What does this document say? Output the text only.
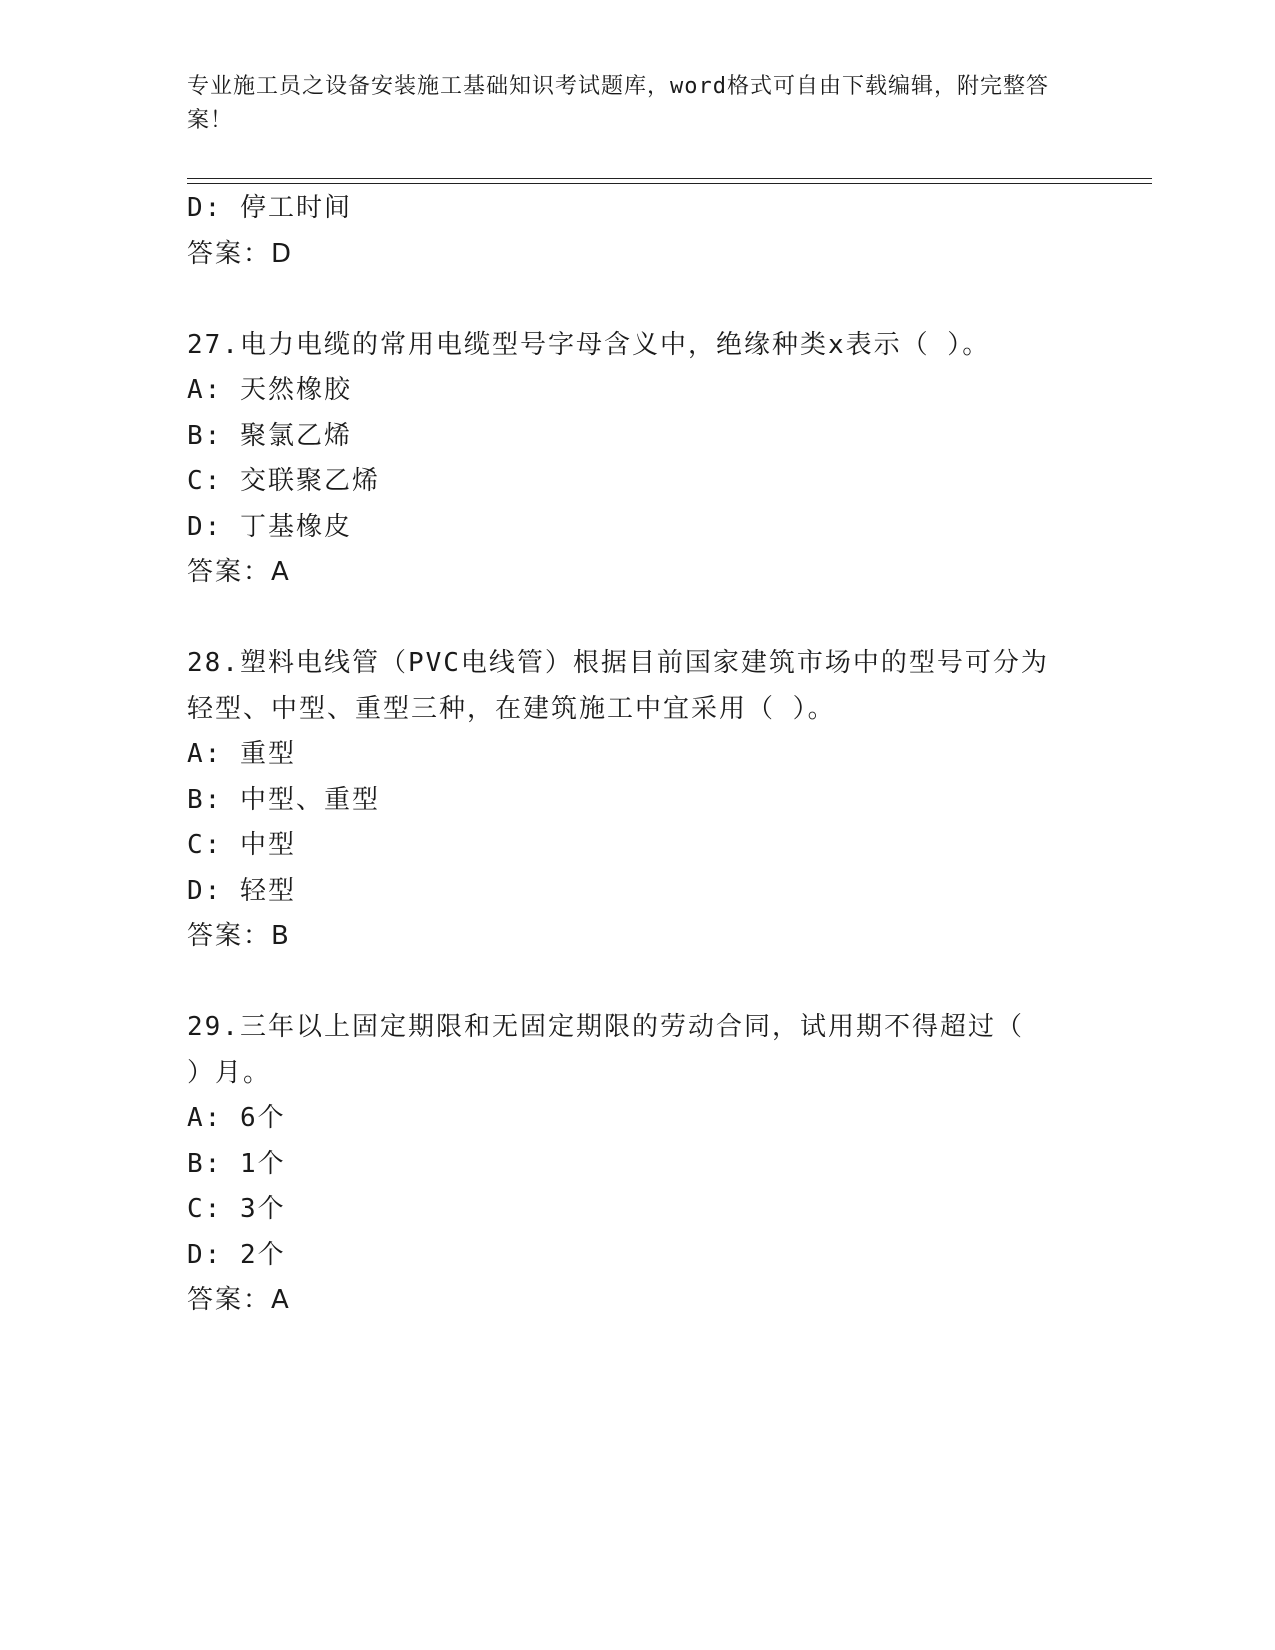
专业施工员之设备安装施工基础知识考试题库，word格式可自由下载编辑，附完整答案！
D: 停工时间
答案：D
27.电力电缆的常用电缆型号字母含义中，绝缘种类x表示（ ）。
A: 天然橡胶
B: 聚氯乙烯
C: 交联聚乙烯
D: 丁基橡皮
答案：A
28.塑料电线管（PVC电线管）根据目前国家建筑市场中的型号可分为
轻型、中型、重型三种，在建筑施工中宜采用（ ）。
A: 重型
B: 中型、重型
C: 中型
D: 轻型
答案：B
29.三年以上固定期限和无固定期限的劳动合同，试用期不得超过（
）月。
A: 6个
B: 1个
C: 3个
D: 2个
答案：A
